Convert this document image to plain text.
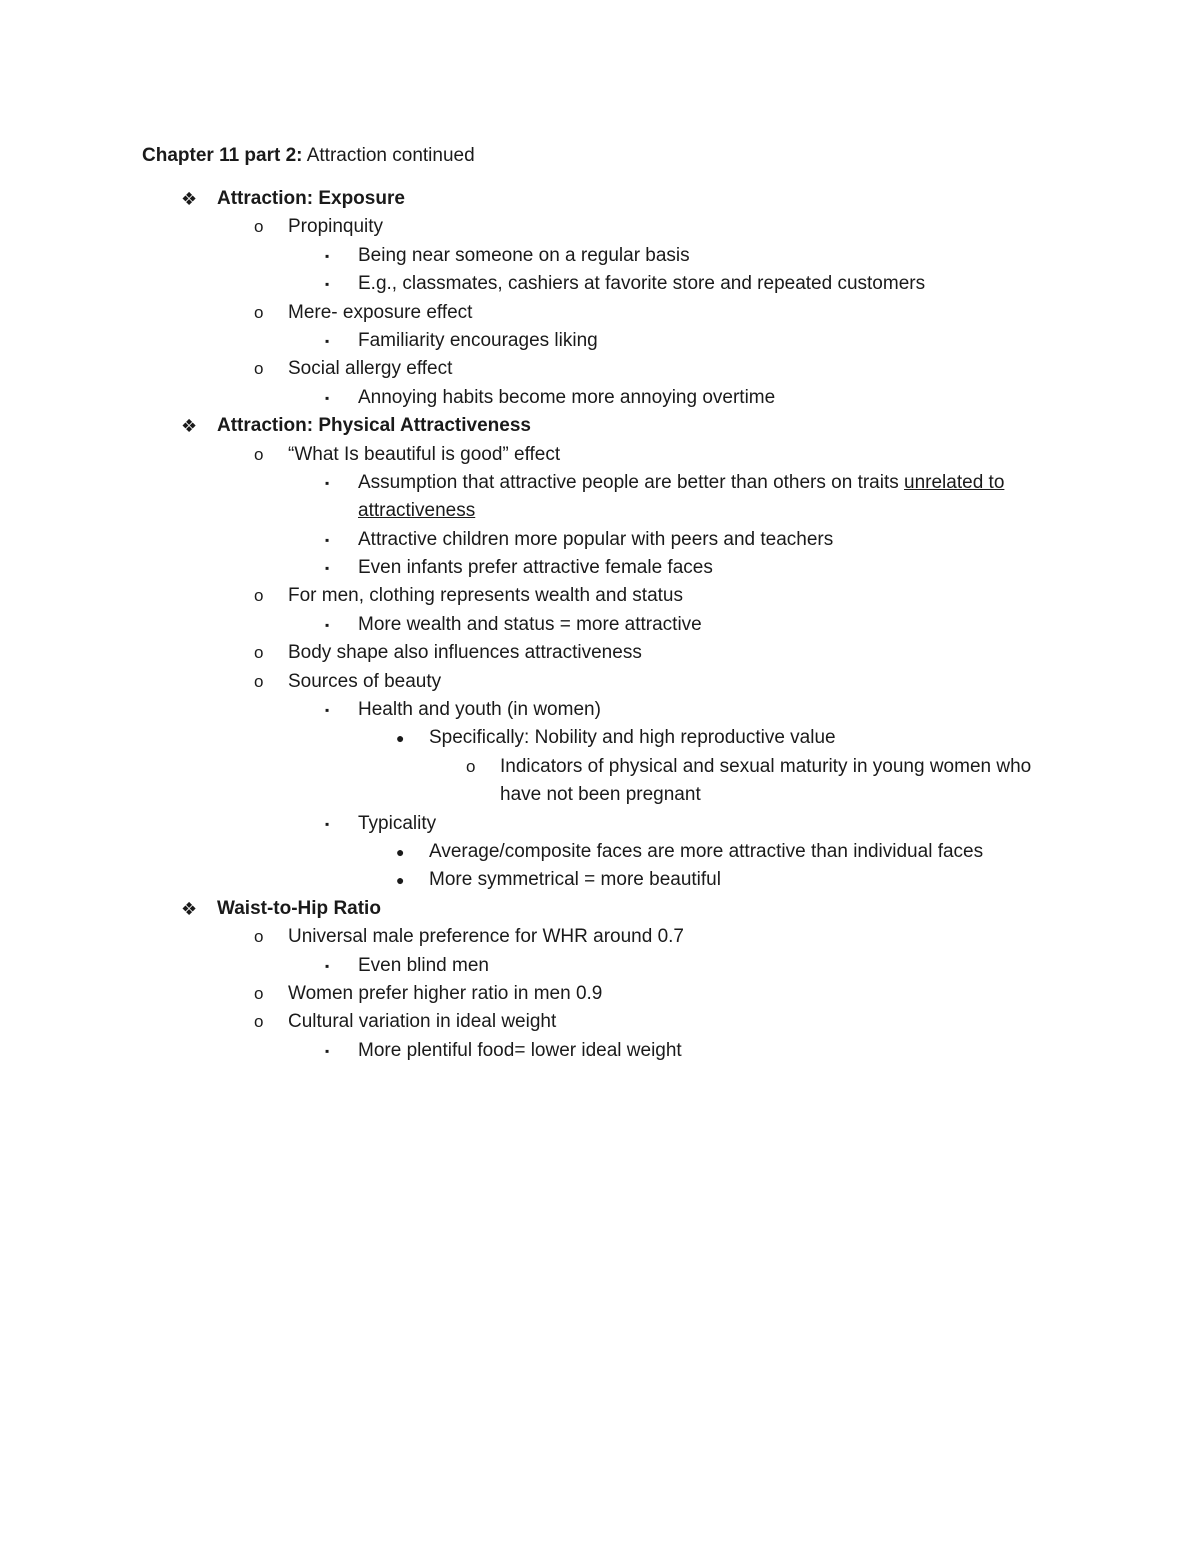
Chapter 11 part 2: Attraction continued
❖ Attraction: Exposure
o Propinquity
▪ Being near someone on a regular basis
▪ E.g., classmates, cashiers at favorite store and repeated customers
o Mere- exposure effect
▪ Familiarity encourages liking
o Social allergy effect
▪ Annoying habits become more annoying overtime
❖ Attraction: Physical Attractiveness
o “What Is beautiful is good” effect
▪ Assumption that attractive people are better than others on traits unrelated to attractiveness
▪ Attractive children more popular with peers and teachers
▪ Even infants prefer attractive female faces
o For men, clothing represents wealth and status
▪ More wealth and status = more attractive
o Body shape also influences attractiveness
o Sources of beauty
▪ Health and youth (in women)
● Specifically: Nobility and high reproductive value
o Indicators of physical and sexual maturity in young women who have not been pregnant
▪ Typicality
● Average/composite faces are more attractive than individual faces
● More symmetrical = more beautiful
❖ Waist-to-Hip Ratio
o Universal male preference for WHR around 0.7
▪ Even blind men
o Women prefer higher ratio in men 0.9
o Cultural variation in ideal weight
▪ More plentiful food= lower ideal weight
